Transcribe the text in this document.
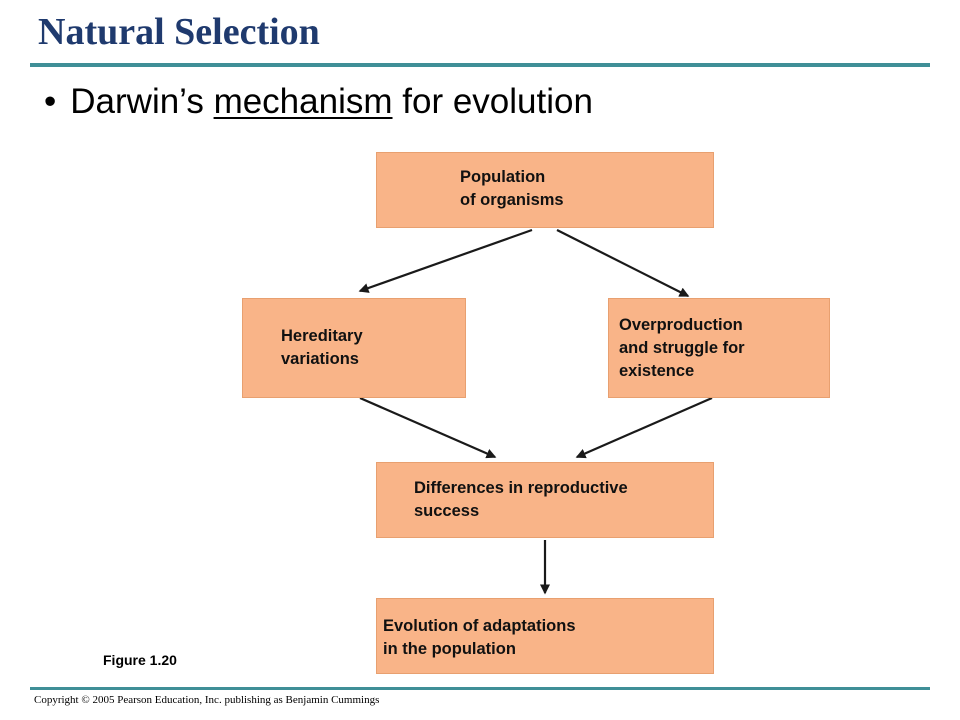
Natural Selection
• Darwin’s mechanism for evolution
Population
of organisms
Hereditary
variations
Overproduction
and struggle for
existence
Differences in reproductive
success
Evolution of adaptations
in the population
Figure 1.20
Copyright © 2005 Pearson Education, Inc. publishing as Benjamin Cummings
